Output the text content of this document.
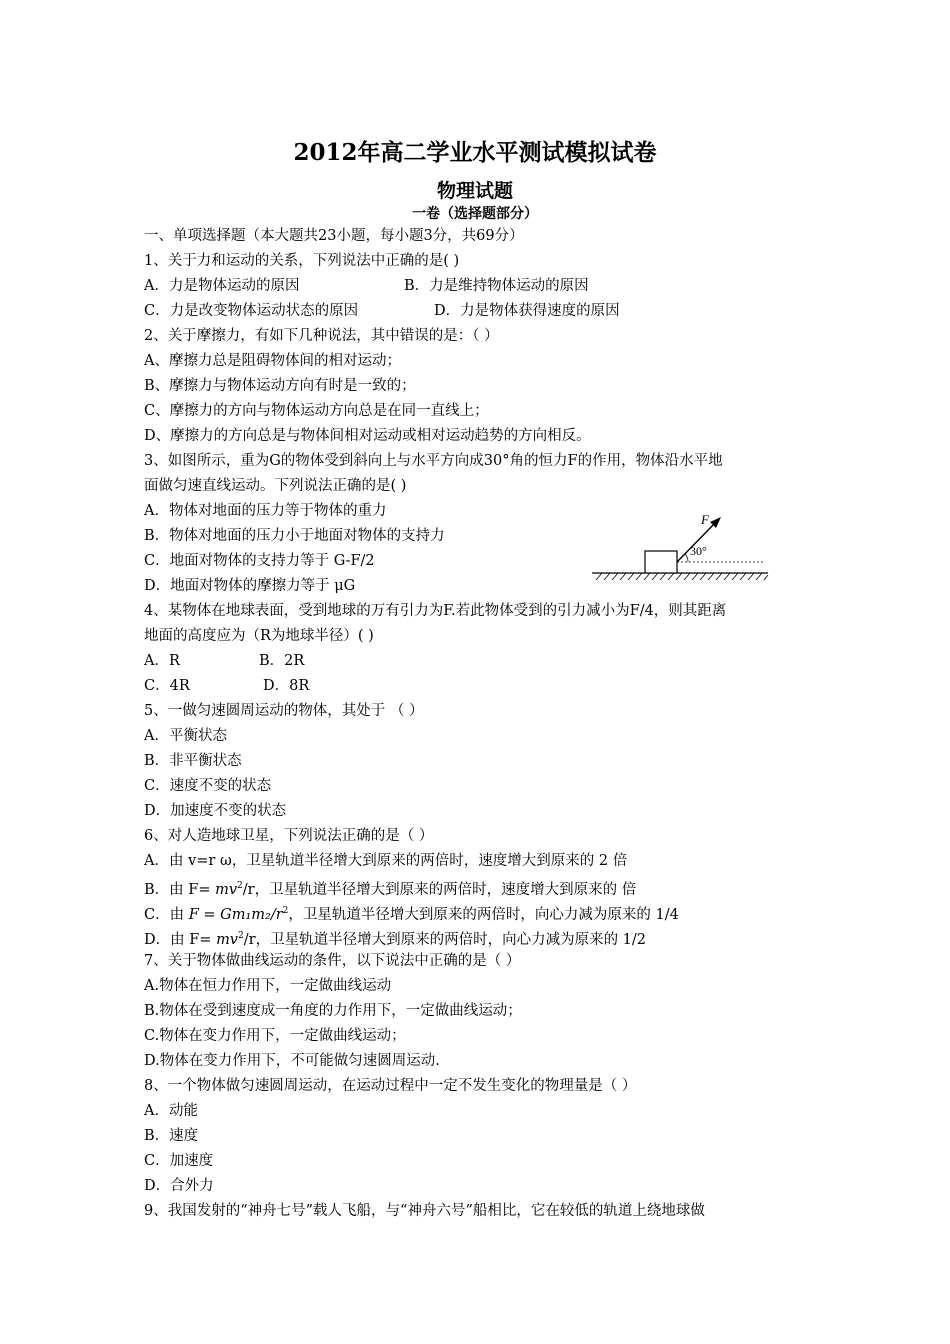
2012年高二学业水平测试模拟试卷
物理试题
一卷（选择题部分）
一、单项选择题（本大题共23小题，每小题3分，共69分）
1、关于力和运动的关系，下列说法中正确的是( )
A．力是物体运动的原因	B．力是维持物体运动的原因
C．力是改变物体运动状态的原因	D．力是物体获得速度的原因
2、关于摩擦力，有如下几种说法，其中错误的是：（ ）
A、摩擦力总是阻碍物体间的相对运动；
B、摩擦力与物体运动方向有时是一致的；
C、摩擦力的方向与物体运动方向总是在同一直线上；
D、摩擦力的方向总是与物体间相对运动或相对运动趋势的方向相反。
3、如图所示，重为G的物体受到斜向上与水平方向成30°角的恒力F的作用，物体沿水平地
面做匀速直线运动。下列说法正确的是( )
A．物体对地面的压力等于物体的重力
B．物体对地面的压力小于地面对物体的支持力
C．地面对物体的支持力等于 G-F/2
D．地面对物体的摩擦力等于 μG
F
30°
4、某物体在地球表面，受到地球的万有引力为F.若此物体受到的引力减小为F/4，则其距离
地面的高度应为（R为地球半径）( )
A．R	B．2R
C．4R	D．8R
5、一做匀速圆周运动的物体，其处于 （ ）
A．平衡状态
B．非平衡状态
C．速度不变的状态
D．加速度不变的状态
6、对人造地球卫星，下列说法正确的是（ ）
A．由 v=r ω，卫星轨道半径增大到原来的两倍时，速度增大到原来的 2 倍
B．由 $F= mv^2/r$，卫星轨道半径增大到原来的两倍时，速度增大到原来的 倍
C．由 F = Gm₁m₂/$r^2$，卫星轨道半径增大到原来的两倍时，向心力减为原来的 1/4
D．由 $F= mv^2/r$，卫星轨道半径增大到原来的两倍时，向心力减为原来的 1/2
7、关于物体做曲线运动的条件，以下说法中正确的是（ ）
A.物体在恒力作用下，一定做曲线运动
B.物体在受到速度成一角度的力作用下，一定做曲线运动；
C.物体在变力作用下，一定做曲线运动；
D.物体在变力作用下，不可能做匀速圆周运动.
8、一个物体做匀速圆周运动，在运动过程中一定不发生变化的物理量是（ ）
A．动能
B．速度
C．加速度
D．合外力
9、我国发射的“神舟七号”载人飞船，与“神舟六号”船相比，它在较低的轨道上绕地球做
